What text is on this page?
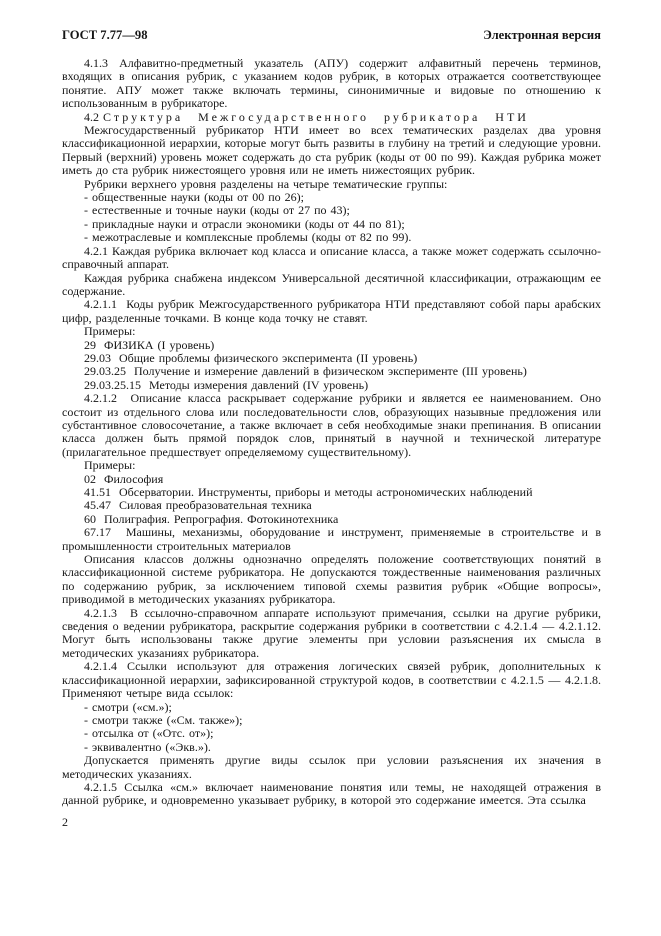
ГОСТ 7.77—98	Электронная версия

4.1.3 Алфавитно-предметный указатель (АПУ) содержит алфавитный перечень терминов, входящих в описания рубрик, с указанием кодов рубрик, в которых отражается соответствующее понятие. АПУ может также включать термины, синонимичные и видовые по отношению к использованным в рубрикаторе.

4.2 Структура Межгосударственного рубрикатора НТИ

Межгосударственный рубрикатор НТИ имеет во всех тематических разделах два уровня классификационной иерархии, которые могут быть развиты в глубину на третий и следующие уровни. Первый (верхний) уровень может содержать до ста рубрик (коды от 00 по 99). Каждая рубрика может иметь до ста рубрик нижестоящего уровня или не иметь нижестоящих рубрик.

Рубрики верхнего уровня разделены на четыре тематические группы:

- общественные науки (коды от 00 по 26);

- естественные и точные науки (коды от 27 по 43);

- прикладные науки и отрасли экономики (коды от 44 по 81);

- межотраслевые и комплексные проблемы (коды от 82 по 99).

4.2.1 Каждая рубрика включает код класса и описание класса, а также может содержать ссылочно-справочный аппарат.

Каждая рубрика снабжена индексом Универсальной десятичной классификации, отражающим ее содержание.

4.2.1.1  Коды рубрик Межгосударственного рубрикатора НТИ представляют собой пары арабских цифр, разделенные точками. В конце кода точку не ставят.

Примеры:

29  ФИЗИКА (I уровень)

29.03  Общие проблемы физического эксперимента (II уровень)

29.03.25  Получение и измерение давлений в физическом эксперименте (III уровень)

29.03.25.15  Методы измерения давлений (IV уровень)

4.2.1.2  Описание класса раскрывает содержание рубрики и является ее наименованием. Оно состоит из отдельного слова или последовательности слов, образующих назывные предложения или субстантивное словосочетание, а также включает в себя необходимые знаки препинания. В описании класса должен быть прямой порядок слов, принятый в научной и технической литературе (прилагательное предшествует определяемому существительному).

Примеры:

02  Философия

41.51  Обсерватории. Инструменты, приборы и методы астрономических наблюдений

45.47  Силовая преобразовательная техника

60  Полиграфия. Репрография. Фотокинотехника

67.17  Машины, механизмы, оборудование и инструмент, применяемые в строительстве и в промышленности строительных материалов

Описания классов должны однозначно определять положение соответствующих понятий в классификационной системе рубрикатора. Не допускаются тождественные наименования различных по содержанию рубрик, за исключением типовой схемы развития рубрик «Общие вопросы», приводимой в методических указаниях рубрикатора.

4.2.1.3  В ссылочно-справочном аппарате используют примечания, ссылки на другие рубрики, сведения о ведении рубрикатора, раскрытие содержания рубрики в соответствии с 4.2.1.4 — 4.2.1.12. Могут быть использованы также другие элементы при условии разъяснения их смысла в методических указаниях рубрикатора.

4.2.1.4 Ссылки используют для отражения логических связей рубрик, дополнительных к классификационной иерархии, зафиксированной структурой кодов, в соответствии с 4.2.1.5 — 4.2.1.8. Применяют четыре вида ссылок:

- смотри («см.»);

- смотри также («См. также»);

- отсылка от («Отс. от»);

- эквивалентно («Экв.»).

Допускается применять другие виды ссылок при условии разъяснения их значения в методических указаниях.

4.2.1.5 Ссылка «см.» включает наименование понятия или темы, не находящей отражения в данной рубрике, и одновременно указывает рубрику, в которой это содержание имеется. Эта ссылка

2
